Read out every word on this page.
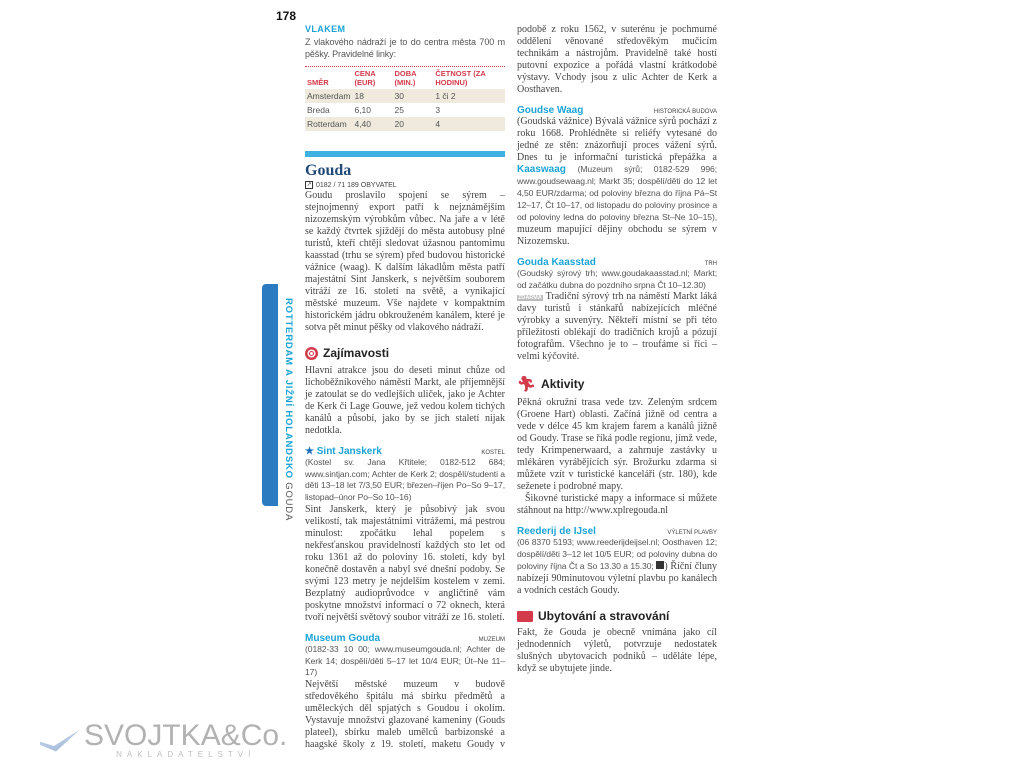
178
ROTTERDAM A JIŽNÍ HOLANDSKO GOUDA
VLAKEM
Z vlakového nádraží je to do centra města 700 m pěšky. Pravidelné linky:
SMĚR	CENA (EUR)	DOBA (MIN.)	ČETNOST (ZA HODINU)
Amsterdam	18	30	1 či 2
Breda	6,10	25	3
Rotterdam	4,40	20	4
Gouda
↗ 0182 / 71 189 OBYVATEL
Goudu proslavilo spojení se sýrem – stejnojmenný export patří k nejznámějším nizozemským výrobkům vůbec. Na jaře a v létě se každý čtvrtek sjíždějí do města autobusy plné turistů, kteří chtějí sledovat úžasnou pantomimu kaasstad (trhu se sýrem) před budovou historické vážnice (waag). K dalším lákadlům města patří majestátní Sint Janskerk, s největším souborem vitráží ze 16. století na světě, a vynikající městské muzeum. Vše najdete v kompaktním historickém jádru obkrouženém kanálem, které je sotva pět minut pěšky od vlakového nádraží.
Zajímavosti
Hlavní atrakce jsou do deseti minut chůze od lichoběžníkového náměstí Markt, ale příjemnější je zatoulat se do vedlejších uliček, jako je Achter de Kerk či Lage Gouwe, jež vedou kolem tichých kanálů a působí, jako by se jich staletí nijak nedotkla.
★ Sint Janskerk	KOSTEL
(Kostel sv. Jana Křtitele; 0182-512 684; www.sintjan.com; Achter de Kerk 2; dospělí/studenti a děti 13–18 let 7/3,50 EUR; březen–říjen Po–So 9–17, listopad–únor Po–So 10–16)
Sint Janskerk, který je působivý jak svou velikostí, tak majestátními vitrážemi, má pestrou minulost: zpočátku lehal popelem s nekřesťanskou pravidelností každých sto let od roku 1361 až do poloviny 16. století, kdy byl konečně dostavěn a nabyl své dnešní podoby. Se svými 123 metry je nejdelším kostelem v zemi. Bezplatný audioprůvodce v angličtině vám poskytne množství informací o 72 oknech, která tvoří největší světový soubor vitráží ze 16. století.
Museum Gouda	MUZEUM
(0182-33 10 00; www.museumgouda.nl; Achter de Kerk 14; dospělí/děti 5–17 let 10/4 EUR; Út–Ne 11–17)
Největší městské muzeum v budově středověkého špitálu má sbírku předmětů a uměleckých děl spjatých s Goudou i okolím. Vystavuje množství glazované kameniny (Gouds plateel), sbírku maleb umělců barbizonské a haagské školy z 19. století, maketu Goudy v podobě z roku 1562, v suterénu je pochmurné oddělení věnované středověkým mučicím technikám a nástrojům. Pravidelně také hostí putovní expozice a pořádá vlastní krátkodobé výstavy. Vchody jsou z ulic Achter de Kerk a Oosthaven.
Goudse Waag	HISTORICKÁ BUDOVA
(Goudská vážnice) Bývalá vážnice sýrů pochází z roku 1668. Prohlédněte si reliéfy vytesané do jedné ze stěn: znázorňují proces vážení sýrů. Dnes tu je informační turistická přepážka a Kaaswaag (Muzeum sýrů; 0182-529 996; www.goudsewaag.nl; Markt 35; dospělí/děti do 12 let 4,50 EUR/zdarma; od poloviny března do října Pá–St 12–17, Čt 10–17, od listopadu do poloviny prosince a od poloviny ledna do poloviny března St–Ne 10–15), muzeum mapující dějiny obchodu se sýrem v Nizozemsku.
Gouda Kaasstad	TRH
(Goudský sýrový trh; www.goudakaasstad.nl; Markt; od začátku dubna do pozdního srpna Čt 10–12.30)
ZDARMA Tradiční sýrový trh na náměstí Markt láká davy turistů i stánkařů nabízejících mléčné výrobky a suvenýry. Někteří místní se při této příležitosti oblékají do tradičních krojů a pózují fotografům. Všechno je to – troufáme si říci – velmi kýčovité.
🏃︎ Aktivity
Pěkná okružní trasa vede tzv. Zeleným srdcem (Groene Hart) oblasti. Začíná jižně od centra a vede v délce 45 km krajem farem a kanálů jižně od Goudy. Trase se říká podle regionu, jímž vede, tedy Krimpenerwaard, a zahrnuje zastávky u mlékáren vyrábějících sýr. Brožurku zdarma si můžete vzít v turistické kanceláři (str. 180), kde seženete i podrobné mapy.
Šikovné turistické mapy a informace si můžete stáhnout na http://www.xplregouda.nl
Reederij de IJsel	VÝLETNÍ PLAVBY
(06 8370 5193; www.reederijdeijsel.nl; Oosthaven 12; dospělí/děti 3–12 let 10/5 EUR; od poloviny dubna do poloviny října Čt a So 13.30 a 15.30; ) Říční čluny nabízejí 90minutovou výletní plavbu po kanálech a vodních cestách Goudy.
Ubytování a stravování
Fakt, že Gouda je obecně vnímána jako cíl jednodenních výletů, potvrzuje nedostatek slušných ubytovacích podniků – uděláte lépe, když se ubytujete jinde.
SVOJTKA&Co.
NAKLADATELSTVÍ
